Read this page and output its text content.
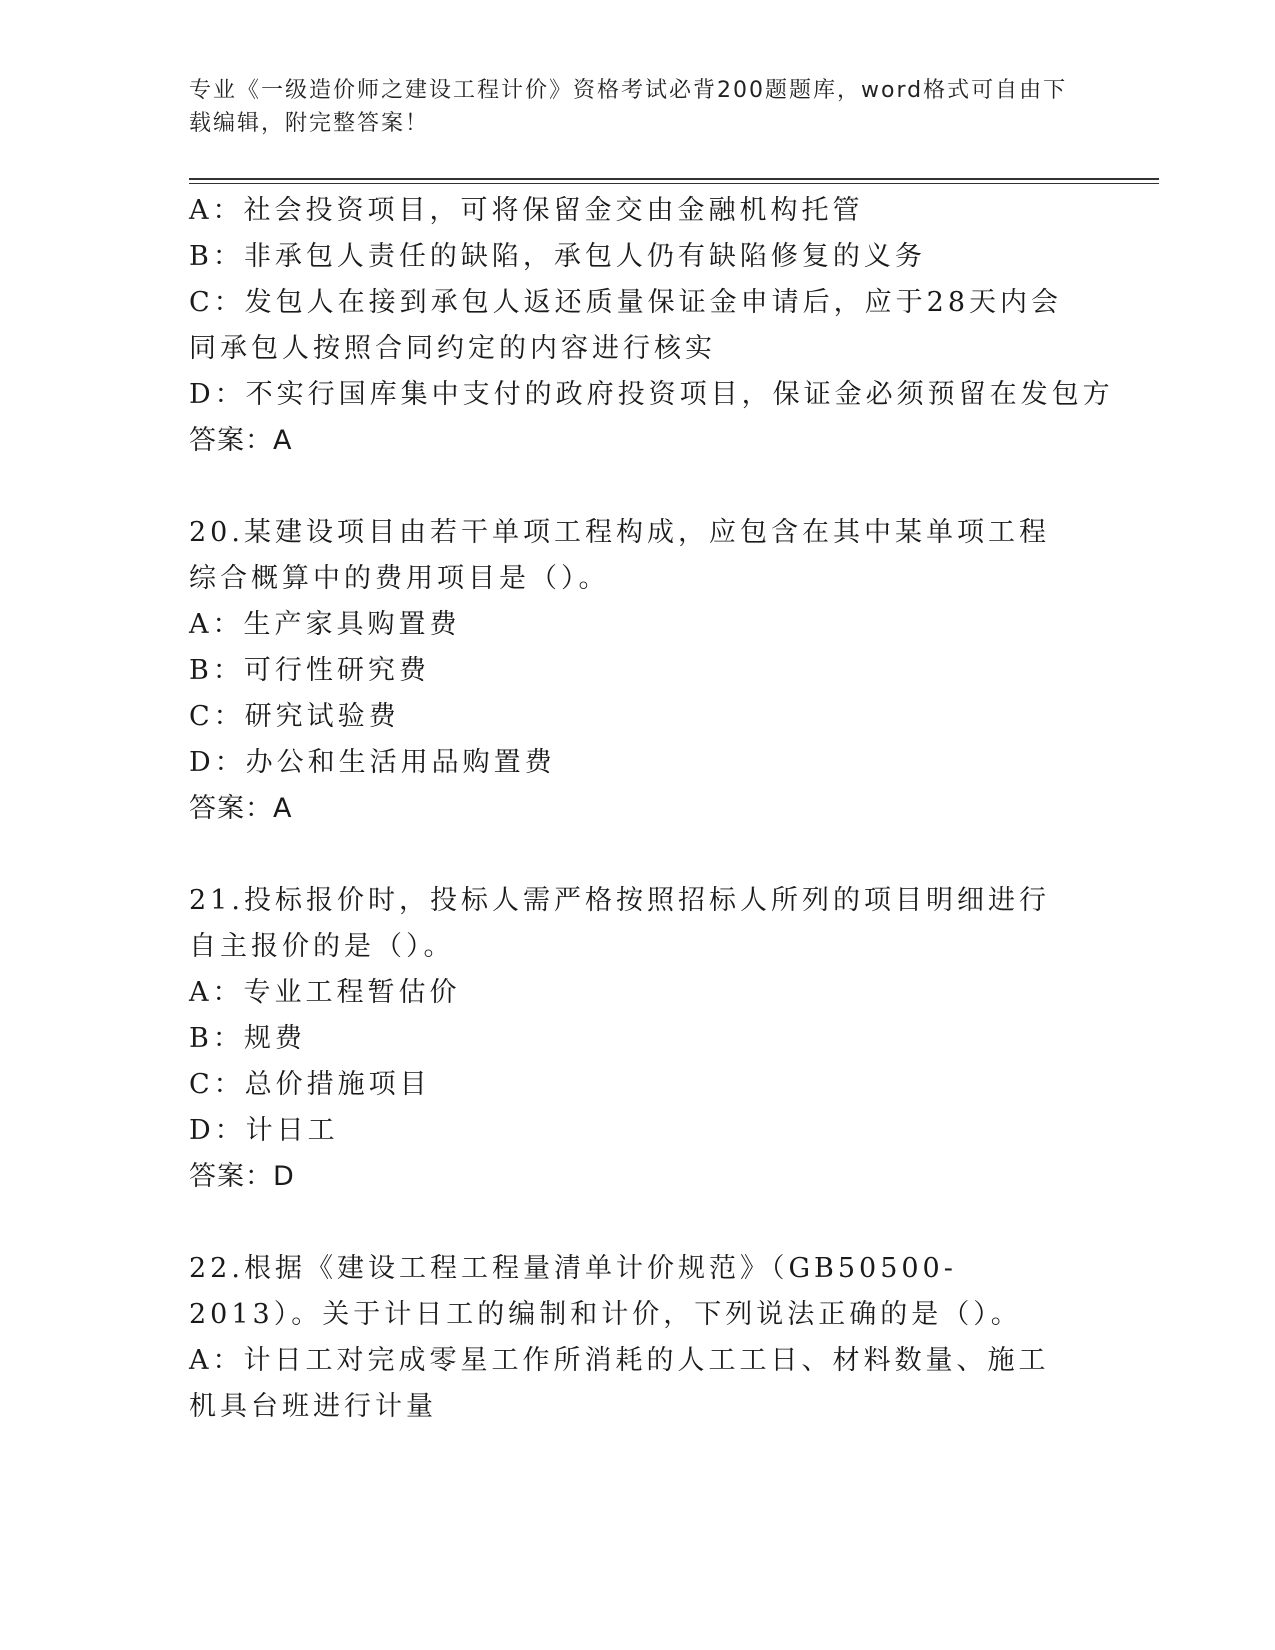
专业《一级造价师之建设工程计价》资格考试必背200题题库，word格式可自由下载编辑，附完整答案！
A：社会投资项目，可将保留金交由金融机构托管
B：非承包人责任的缺陷，承包人仍有缺陷修复的义务
C：发包人在接到承包人返还质量保证金申请后，应于28天内会同承包人按照合同约定的内容进行核实
D：不实行国库集中支付的政府投资项目，保证金必须预留在发包方
答案：A
20.某建设项目由若干单项工程构成，应包含在其中某单项工程综合概算中的费用项目是（）。
A：生产家具购置费
B：可行性研究费
C：研究试验费
D：办公和生活用品购置费
答案：A
21.投标报价时，投标人需严格按照招标人所列的项目明细进行自主报价的是（）。
A：专业工程暂估价
B：规费
C：总价措施项目
D：计日工
答案：D
22.根据《建设工程工程量清单计价规范》（GB50500-2013）。关于计日工的编制和计价，下列说法正确的是（）。
A：计日工对完成零星工作所消耗的人工工日、材料数量、施工机具台班进行计量
